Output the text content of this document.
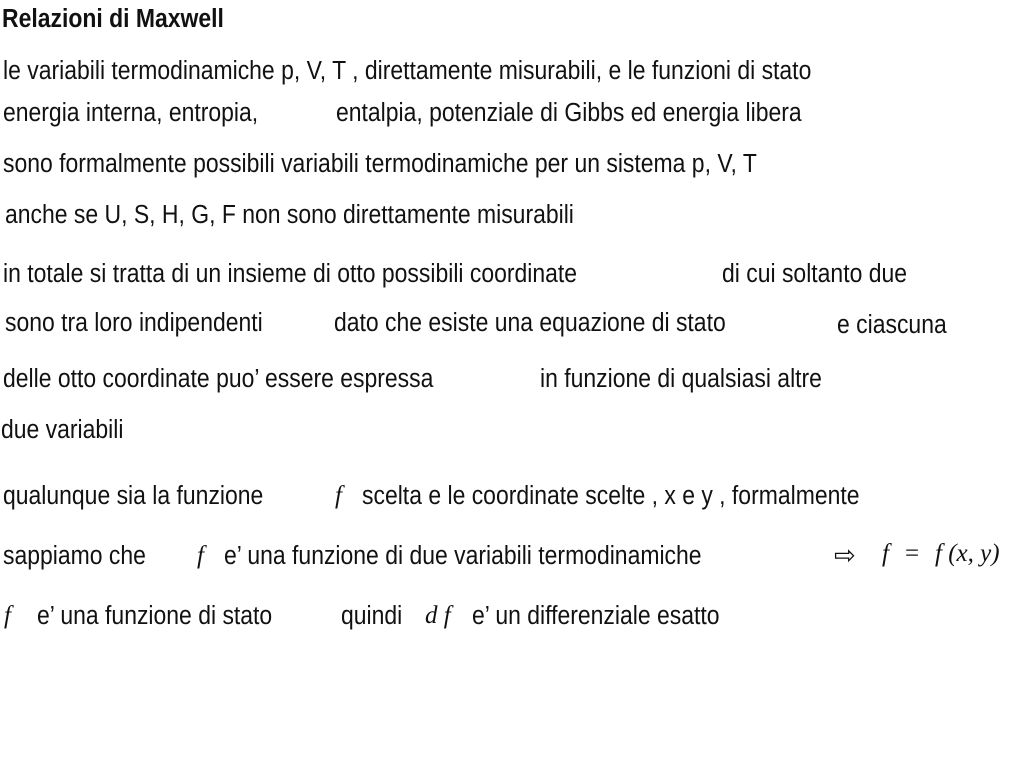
Relazioni di Maxwell
le variabili termodinamiche p, V, T , direttamente misurabili, e le funzioni di stato
energia interna, entropia,	entalpia, potenziale di Gibbs ed energia libera
sono formalmente possibili variabili termodinamiche per un sistema p, V, T
anche se U, S, H, G, F non sono direttamente misurabili
in totale si tratta di un insieme di otto possibili coordinate	di cui soltanto due
sono tra loro indipendenti	dato che esiste una equazione di stato	e ciascuna
delle otto coordinate puo’ essere espressa	in funzione di qualsiasi altre
due variabili
qualunque sia la funzione	f scelta e le coordinate scelte , x e y , formalmente
sappiamo che f e’ una funzione di due variabili termodinamiche	⇨ f = f (x, y)
f e’ una funzione di stato	quindi d f e’ un differenziale esatto
